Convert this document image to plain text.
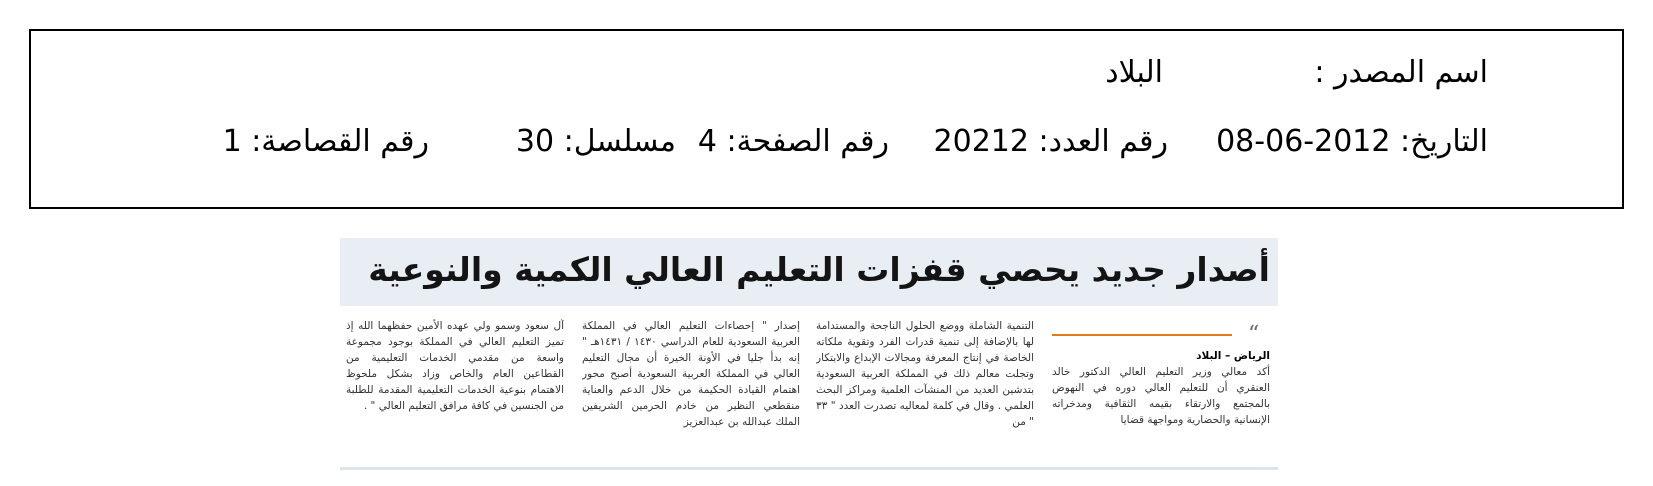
اسم المصدر :
البلاد
التاريخ: 2012-06-08
رقم العدد: 20212
رقم الصفحة: 4
مسلسل: 30
رقم القصاصة: 1
أصدار جديد يحصي قفزات التعليم العالي الكمية والنوعية
“
الرياض – البلاد
أكد معالي وزير التعليم العالي الدكتور خالد العنقري أن للتعليم العالي دوره في النهوض بالمجتمع والارتقاء بقيمه الثقافية ومدخراته الإنسانية والحضارية ومواجهة قضايا
التنمية الشاملة ووضع الحلول الناجحة والمستدامة لها بالإضافة إلى تنمية قدرات الفرد وتقوية ملكاته الخاصة في إنتاج المعرفة ومجالات الإبداع والابتكار وتجلت معالم ذلك في المملكة العربية السعودية بتدشين العديد من المنشآت العلمية ومراكز البحث العلمي . وقال في كلمة لمعاليه تصدرت العدد " ٣٣ " من
إصدار " إحصاءات التعليم العالي في المملكة العربية السعودية للعام الدراسي ١٤٣٠ / ١٤٣١هـ " إنه بدأ جليا في الأونة الخيرة أن مجال التعليم العالي في المملكة العربية السعودية أصبح محور اهتمام القيادة الحكيمة من خلال الدعم والعناية منقطعي النظير من خادم الحرمين الشريفين الملك عبدالله بن عبدالعزيز
آل سعود وسمو ولي عهده الأمين حفظهما الله إذ تميز التعليم العالي في المملكة بوجود مجموعة واسعة من مقدمي الخدمات التعليمية من القطاعين العام والخاص وزاد بشكل ملحوظ الاهتمام بنوعية الخدمات التعليمية المقدمة للطلبة من الجنسين في كافة مرافق التعليم العالي " .
